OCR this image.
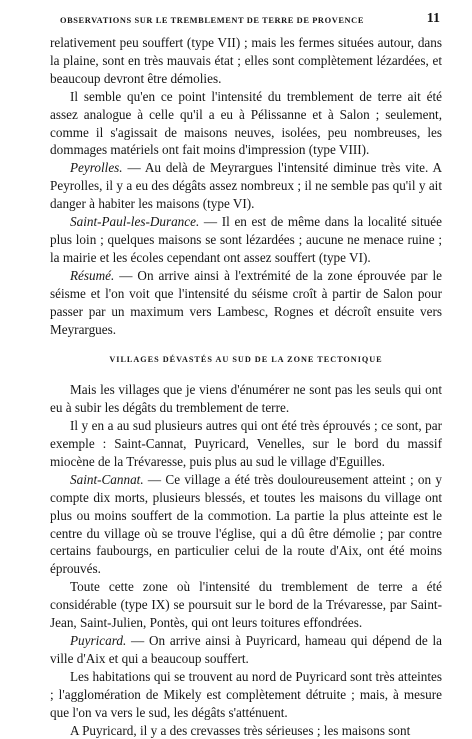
OBSERVATIONS SUR LE TREMBLEMENT DE TERRE DE PROVENCE	11

relativement peu souffert (type VII) ; mais les fermes situées autour, dans la plaine, sont en très mauvais état ; elles sont complètement lézardées, et beaucoup devront être démolies.

Il semble qu'en ce point l'intensité du tremblement de terre ait été assez analogue à celle qu'il a eu à Pélissanne et à Salon ; seulement, comme il s'agissait de maisons neuves, isolées, peu nombreuses, les dommages matériels ont fait moins d'impression (type VIII).

Peyrolles. — Au delà de Meyrargues l'intensité diminue très vite. A Peyrolles, il y a eu des dégâts assez nombreux ; il ne semble pas qu'il y ait danger à habiter les maisons (type VI).

Saint-Paul-les-Durance. — Il en est de même dans la localité située plus loin ; quelques maisons se sont lézardées ; aucune ne menace ruine ; la mairie et les écoles cependant ont assez souffert (type VI).

Résumé. — On arrive ainsi à l'extrémité de la zone éprouvée par le séisme et l'on voit que l'intensité du séisme croît à partir de Salon pour passer par un maximum vers Lambesc, Rognes et décroît ensuite vers Meyrargues.

VILLAGES DÉVASTÉS AU SUD DE LA ZONE TECTONIQUE

Mais les villages que je viens d'énumérer ne sont pas les seuls qui ont eu à subir les dégâts du tremblement de terre.

Il y en a au sud plusieurs autres qui ont été très éprouvés ; ce sont, par exemple : Saint-Cannat, Puyricard, Venelles, sur le bord du massif miocène de la Trévaresse, puis plus au sud le village d'Eguilles.

Saint-Cannat. — Ce village a été très douloureusement atteint ; on y compte dix morts, plusieurs blessés, et toutes les maisons du village ont plus ou moins souffert de la commotion. La partie la plus atteinte est le centre du village où se trouve l'église, qui a dû être démolie ; par contre certains faubourgs, en particulier celui de la route d'Aix, ont été moins éprouvés.

Toute cette zone où l'intensité du tremblement de terre a été considérable (type IX) se poursuit sur le bord de la Trévaresse, par Saint-Jean, Saint-Julien, Pontès, qui ont leurs toitures effondrées.

Puyricard. — On arrive ainsi à Puyricard, hameau qui dépend de la ville d'Aix et qui a beaucoup souffert.

Les habitations qui se trouvent au nord de Puyricard sont très atteintes ; l'agglomération de Mikely est complètement détruite ; mais, à mesure que l'on va vers le sud, les dégâts s'atténuent.

A Puyricard, il y a des crevasses très sérieuses ; les maisons sont
